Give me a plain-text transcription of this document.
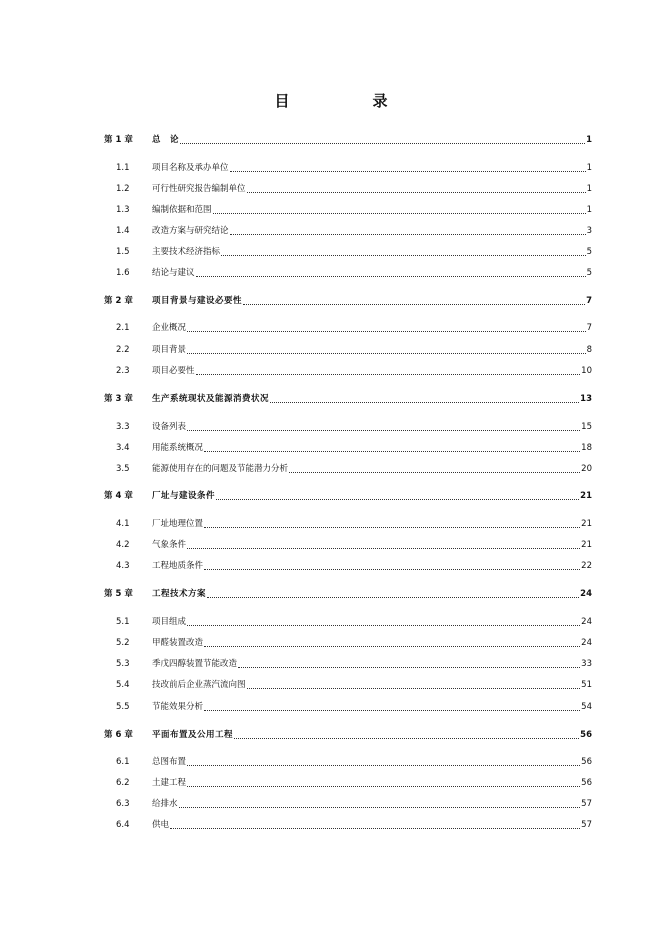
目　录
第 1 章	总　论	1
1.1	项目名称及承办单位	1
1.2	可行性研究报告编制单位	1
1.3	编制依据和范围	1
1.4	改造方案与研究结论	3
1.5	主要技术经济指标	5
1.6	结论与建议	5
第 2 章	项目背景与建设必要性	7
2.1	企业概况	7
2.2	项目背景	8
2.3	项目必要性	10
第 3 章	生产系统现状及能源消费状况	13
3.3	设备列表	15
3.4	用能系统概况	18
3.5	能源使用存在的问题及节能潜力分析	20
第 4 章	厂址与建设条件	21
4.1	厂址地理位置	21
4.2	气象条件	21
4.3	工程地质条件	22
第 5 章	工程技术方案	24
5.1	项目组成	24
5.2	甲醛装置改造	24
5.3	季戊四醇装置节能改造	33
5.4	技改前后企业蒸汽流向图	51
5.5	节能效果分析	54
第 6 章	平面布置及公用工程	56
6.1	总图布置	56
6.2	土建工程	56
6.3	给排水	57
6.4	供电	57
